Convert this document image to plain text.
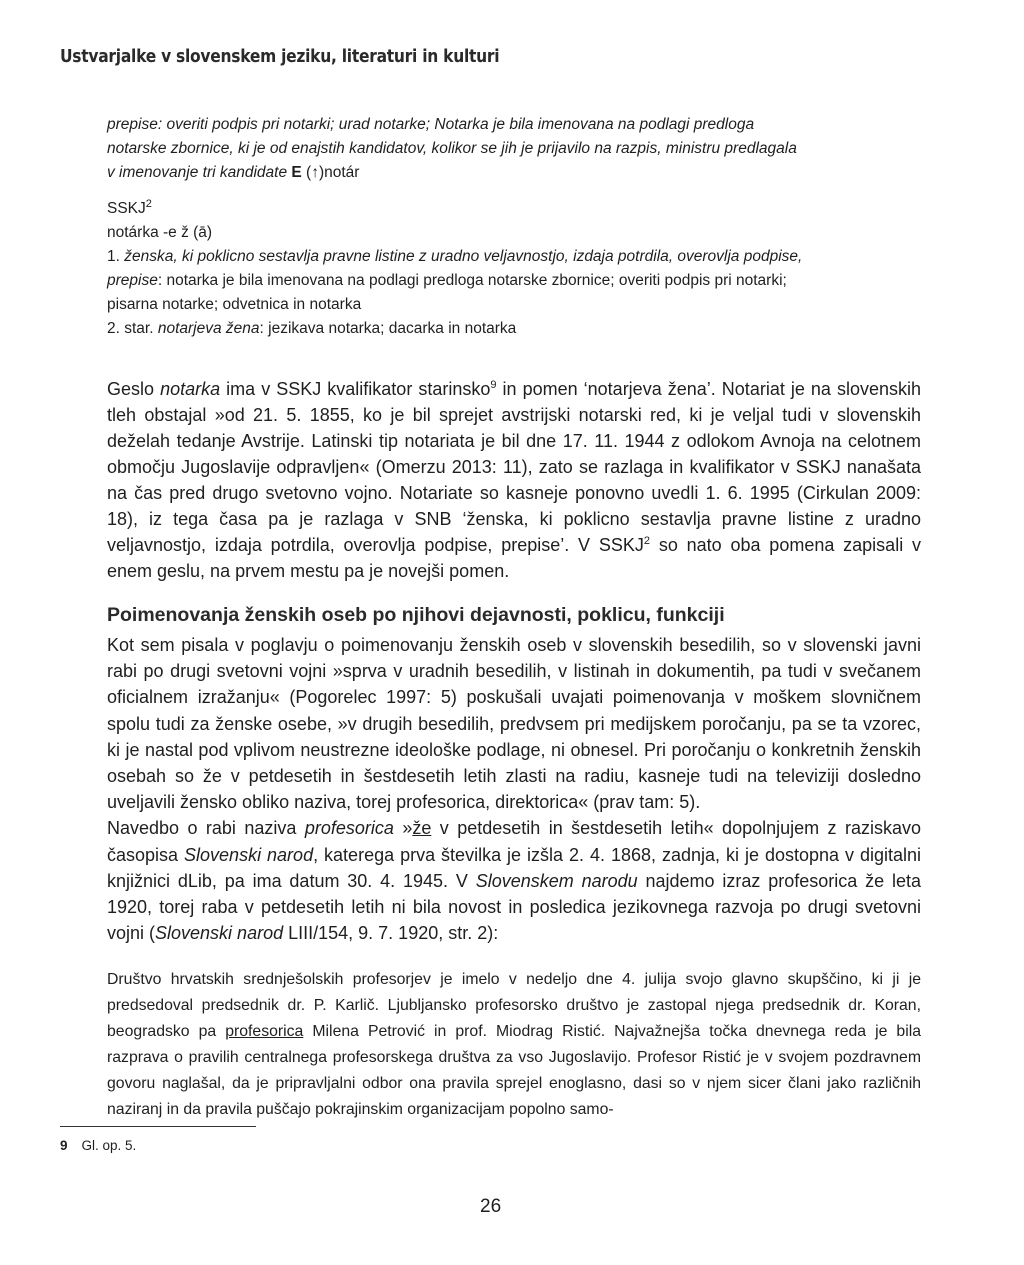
Ustvarjalke v slovenskem jeziku, literaturi in kulturi

prepise: overiti podpis pri notarki; urad notarke; Notarka je bila imenovana na podlagi predloga

notarske zbornice, ki je od enajstih kandidatov, kolikor se jih je prijavilo na razpis, ministru predlagala

v imenovanje tri kandidate E (↑)notár

SSKJ$^2$

notárka -e ž (ā)

1. ženska, ki poklicno sestavlja pravne listine z uradno veljavnostjo, izdaja potrdila, overovlja podpise,

prepise: notarka je bila imenovana na podlagi predloga notarske zbornice; overiti podpis pri notarki;

pisarna notarke; odvetnica in notarka

2. star. notarjeva žena: jezikava notarka; dacarka in notarka

Geslo notarka ima v SSKJ kvalifikator starinsko$^9$ in pomen ‘notarjeva žena’. Notariat je na slovenskih tleh obstajal »od 21. 5. 1855, ko je bil sprejet avstrijski notarski red, ki je veljal tudi v slovenskih deželah tedanje Avstrije. Latinski tip notariata je bil dne 17. 11. 1944 z odlokom Avnoja na celotnem območju Jugoslavije odpravljen« (Omerzu 2013: 11), zato se razlaga in kvalifikator v SSKJ nanašata na čas pred drugo svetovno vojno. Notariate so kasneje ponovno uvedli 1. 6. 1995 (Cirkulan 2009: 18), iz tega časa pa je razlaga v SNB ‘ženska, ki poklicno sestavlja pravne listine z uradno veljavnostjo, izdaja potrdila, overovlja podpise, prepise’. V SSKJ$^2$ so nato oba pomena zapisali v enem geslu, na prvem mestu pa je novejši pomen.

Poimenovanja ženskih oseb po njihovi dejavnosti, poklicu, funkciji

Kot sem pisala v poglavju o poimenovanju ženskih oseb v slovenskih besedilih, so v slovenski javni rabi po drugi svetovni vojni »sprva v uradnih besedilih, v listinah in dokumentih, pa tudi v svečanem oficialnem izražanju« (Pogorelec 1997: 5) poskušali uvajati poimenovanja v moškem slovničnem spolu tudi za ženske osebe, »v drugih besedilih, predvsem pri medijskem poročanju, pa se ta vzorec, ki je nastal pod vplivom neustrezne ideološke podlage, ni obnesel. Pri poročanju o konkretnih ženskih osebah so že v petdesetih in šestdesetih letih zlasti na radiu, kasneje tudi na televiziji dosledno uveljavili žensko obliko naziva, torej profesorica, direktorica« (prav tam: 5).

Navedbo o rabi naziva profesorica »že v petdesetih in šestdesetih letih« dopolnjujem z raziskavo časopisa Slovenski narod, katerega prva številka je izšla 2. 4. 1868, zadnja, ki je dostopna v digitalni knjižnici dLib, pa ima datum 30. 4. 1945. V Slovenskem narodu najdemo izraz profesorica že leta 1920, torej raba v petdesetih letih ni bila novost in posledica jezikovnega razvoja po drugi svetovni vojni (Slovenski narod LIII/154, 9. 7. 1920, str. 2):

Društvo hrvatskih srednješolskih profesorjev je imelo v nedeljo dne 4. julija svojo glavno skupščino, ki ji je predsedoval predsednik dr. P. Karlič. Ljubljansko profesorsko društvo je zastopal njega predsednik dr. Koran, beogradsko pa profesorica Milena Petrović in prof. Miodrag Ristić. Najvažnejša točka dnevnega reda je bila razprava o pravilih centralnega profesorskega društva za vso Jugoslavijo. Profesor Ristić je v svojem pozdravnem govoru naglašal, da je pripravljalni odbor ona pravila sprejel enoglasno, dasi so v njem sicer člani jako različnih naziranj in da pravila puščajo pokrajinskim organizacijam popolno samo-

9 Gl. op. 5.
26
